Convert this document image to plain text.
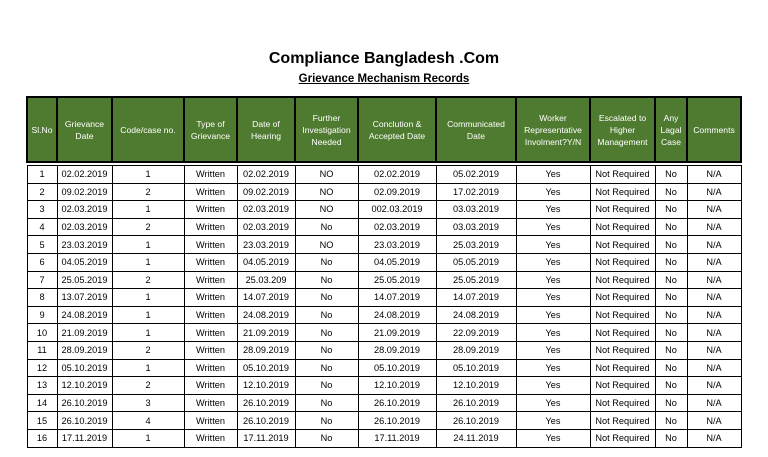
Compliance Bangladesh .Com
Grievance Mechanism Records
Sl.No	Grievance Date	Code/case no.	Type of Grievance	Date of Hearing	Further Investigation Needed	Conclution & Accepted Date	Communicated Date	Worker Representative Involment?Y/N	Escalated to Higher Management	Any Lagal Case	Comments

1	02.02.2019	1	Written	02.02.2019	NO	02.02.2019	05.02.2019	Yes	Not Required	No	N/A
2	09.02.2019	2	Written	09.02.2019	NO	02.09.2019	17.02.2019	Yes	Not Required	No	N/A
3	02.03.2019	1	Written	02.03.2019	NO	002.03.2019	03.03.2019	Yes	Not Required	No	N/A
4	02.03.2019	2	Written	02.03.2019	No	02.03.2019	03.03.2019	Yes	Not Required	No	N/A
5	23.03.2019	1	Written	23.03.2019	NO	23.03.2019	25.03.2019	Yes	Not Required	No	N/A
6	04.05.2019	1	Written	04.05.2019	No	04.05.2019	05.05.2019	Yes	Not Required	No	N/A
7	25.05.2019	2	Written	25.03.209	No	25.05.2019	25.05.2019	Yes	Not Required	No	N/A
8	13.07.2019	1	Written	14.07.2019	No	14.07.2019	14.07.2019	Yes	Not Required	No	N/A
9	24.08.2019	1	Written	24.08.2019	No	24.08.2019	24.08.2019	Yes	Not Required	No	N/A
10	21.09.2019	1	Written	21.09.2019	No	21.09.2019	22.09.2019	Yes	Not Required	No	N/A
11	28.09.2019	2	Written	28.09.2019	No	28.09.2019	28.09.2019	Yes	Not Required	No	N/A
12	05.10.2019	1	Written	05.10.2019	No	05.10.2019	05.10.2019	Yes	Not Required	No	N/A
13	12.10.2019	2	Written	12.10.2019	No	12.10.2019	12.10.2019	Yes	Not Required	No	N/A
14	26.10.2019	3	Written	26.10.2019	No	26.10.2019	26.10.2019	Yes	Not Required	No	N/A
15	26.10.2019	4	Written	26.10.2019	No	26.10.2019	26.10.2019	Yes	Not Required	No	N/A
16	17.11.2019	1	Written	17.11.2019	No	17.11.2019	24.11.2019	Yes	Not Required	No	N/A
